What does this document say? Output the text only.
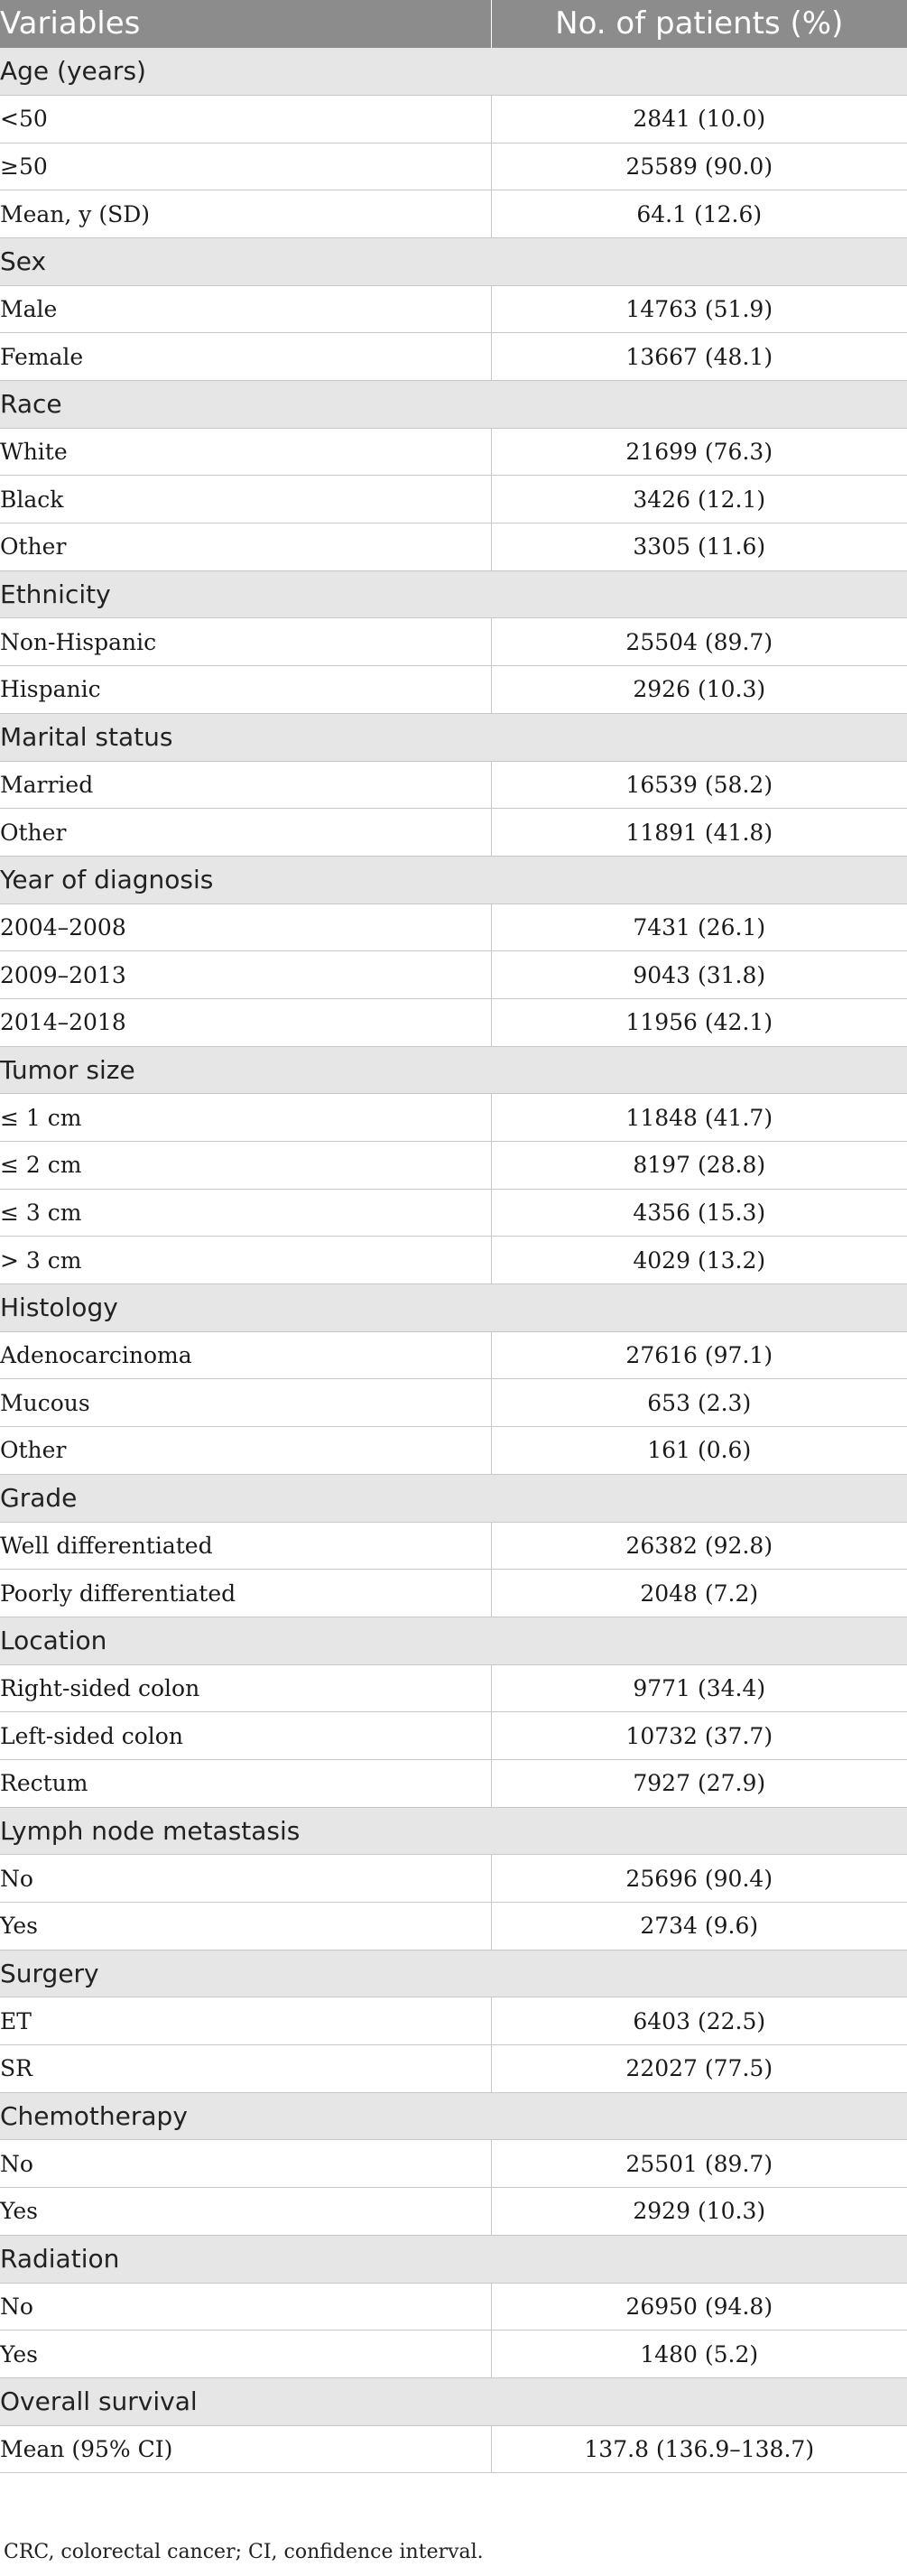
Variables	No. of patients (%)
Age (years)	
<50	2841 (10.0)
≥50	25589 (90.0)
Mean, y (SD)	64.1 (12.6)
Sex	
Male	14763 (51.9)
Female	13667 (48.1)
Race	
White	21699 (76.3)
Black	3426 (12.1)
Other	3305 (11.6)
Ethnicity	
Non-Hispanic	25504 (89.7)
Hispanic	2926 (10.3)
Marital status	
Married	16539 (58.2)
Other	11891 (41.8)
Year of diagnosis	
2004–2008	7431 (26.1)
2009–2013	9043 (31.8)
2014–2018	11956 (42.1)
Tumor size	
≤ 1 cm	11848 (41.7)
≤ 2 cm	8197 (28.8)
≤ 3 cm	4356 (15.3)
> 3 cm	4029 (13.2)
Histology	
Adenocarcinoma	27616 (97.1)
Mucous	653 (2.3)
Other	161 (0.6)
Grade	
Well differentiated	26382 (92.8)
Poorly differentiated	2048 (7.2)
Location	
Right-sided colon	9771 (34.4)
Left-sided colon	10732 (37.7)
Rectum	7927 (27.9)
Lymph node metastasis	
No	25696 (90.4)
Yes	2734 (9.6)
Surgery	
ET	6403 (22.5)
SR	22027 (77.5)
Chemotherapy	
No	25501 (89.7)
Yes	2929 (10.3)
Radiation	
No	26950 (94.8)
Yes	1480 (5.2)
Overall survival	
Mean (95% CI)	137.8 (136.9–138.7)

CRC, colorectal cancer; CI, confidence interval.
